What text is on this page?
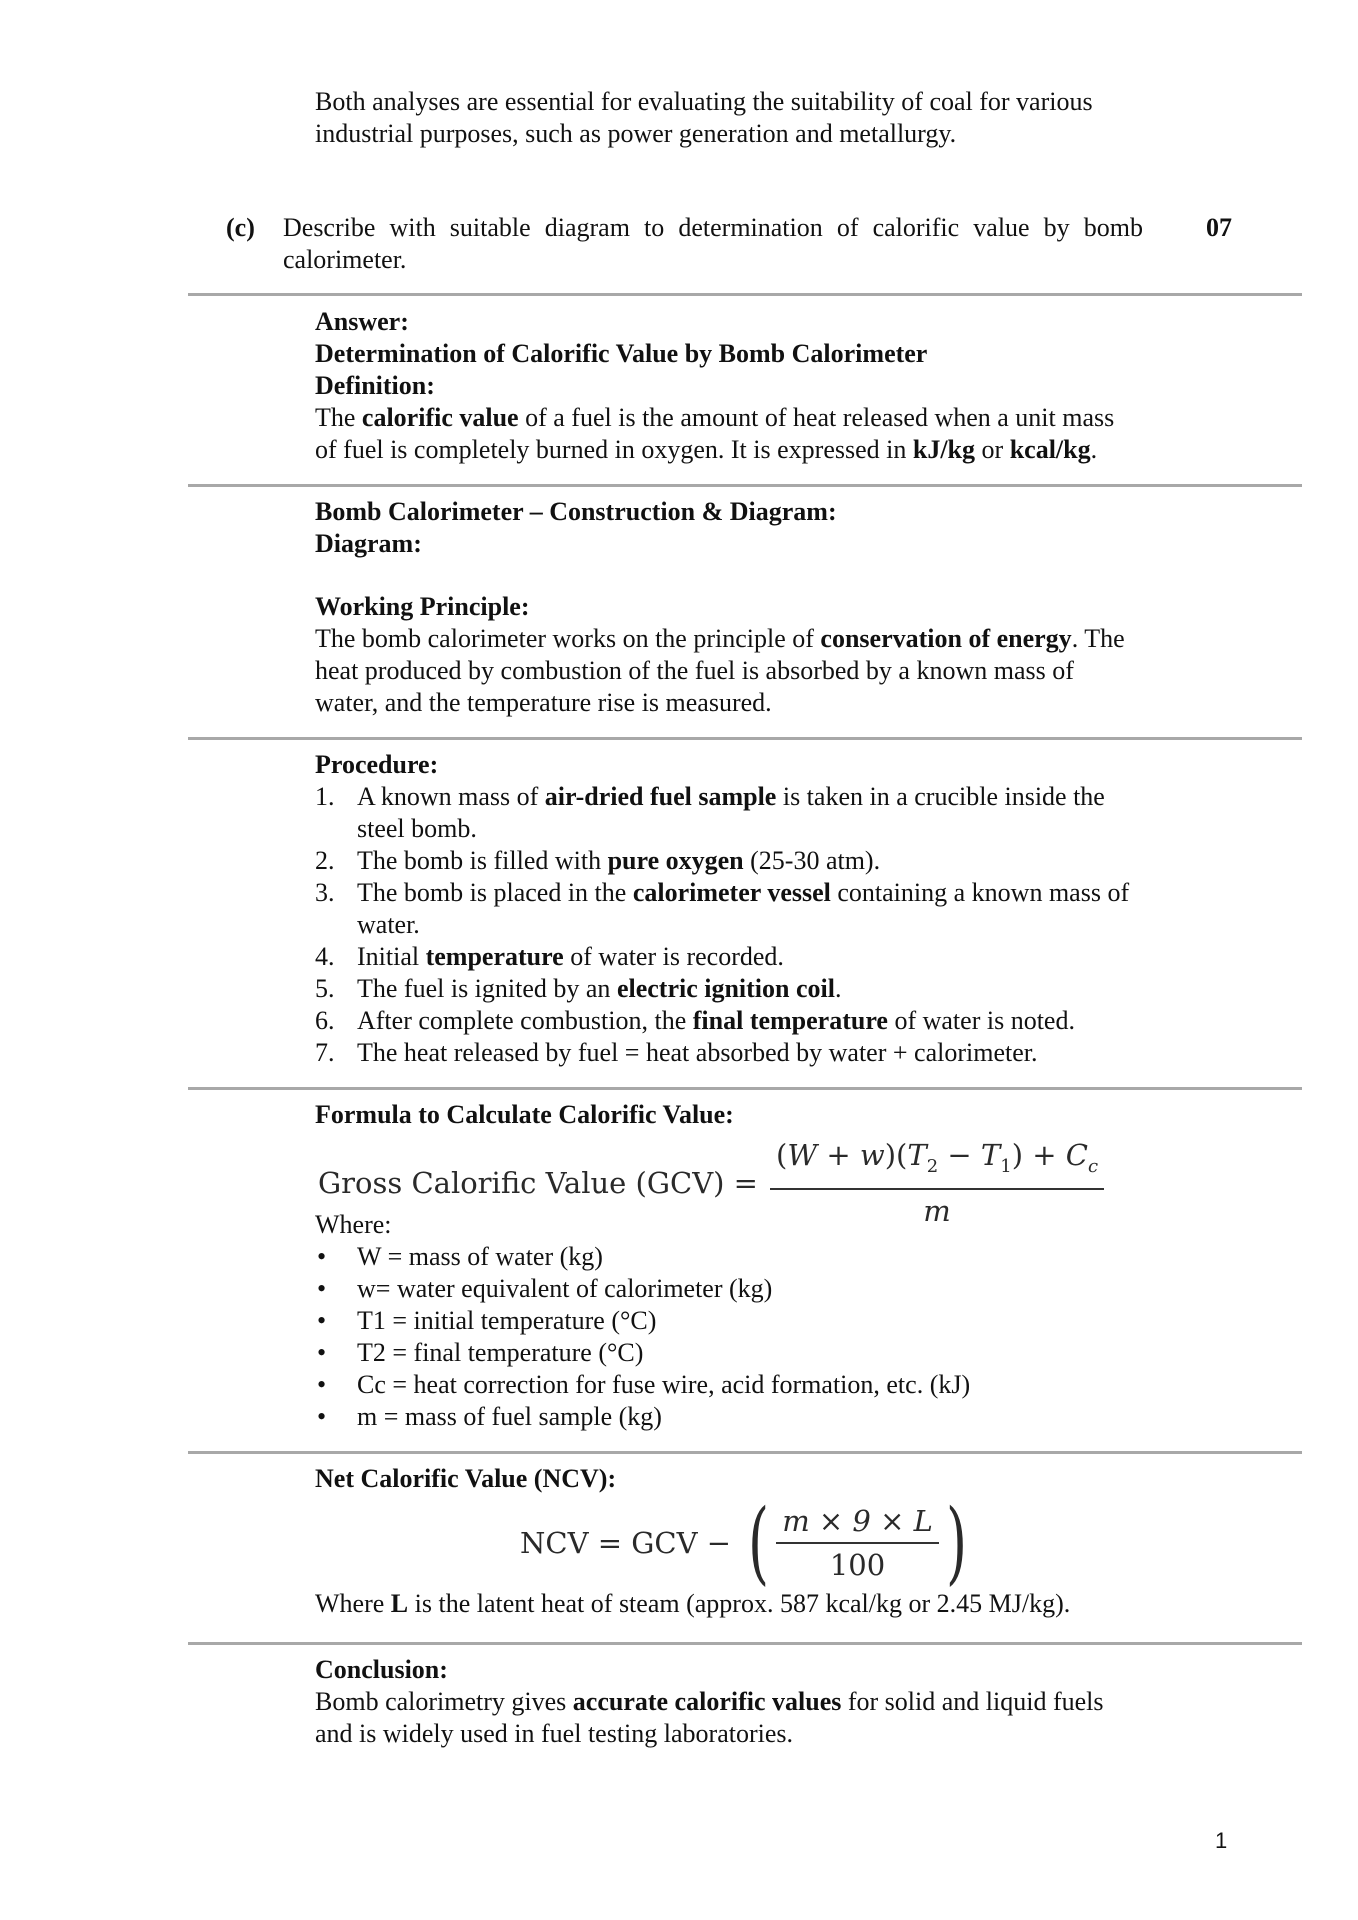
Both analyses are essential for evaluating the suitability of coal for various

industrial purposes, such as power generation and metallurgy.

(c) Describe with suitable diagram to determination of calorific value by bomb

calorimeter.

07

Answer:

Determination of Calorific Value by Bomb Calorimeter

Definition:

The calorific value of a fuel is the amount of heat released when a unit mass

of fuel is completely burned in oxygen. It is expressed in kJ/kg or kcal/kg.

Bomb Calorimeter – Construction & Diagram:

Diagram:

Working Principle:

The bomb calorimeter works on the principle of conservation of energy. The

heat produced by combustion of the fuel is absorbed by a known mass of

water, and the temperature rise is measured.

Procedure:

1. A known mass of air-dried fuel sample is taken in a crucible inside the
steel bomb.
2. The bomb is filled with pure oxygen (25-30 atm).
3. The bomb is placed in the calorimeter vessel containing a known mass of
water.
4. Initial temperature of water is recorded.
5. The fuel is ignited by an electric ignition coil.
6. After complete combustion, the final temperature of water is noted.
7. The heat released by fuel = heat absorbed by water + calorimeter.

Formula to Calculate Calorific Value:

Gross Calorific Value $(GCV) = \frac{(W + w)(T_2 - T_1) + C_c}{m}$

Where:

• W = mass of water (kg)
• w= water equivalent of calorimeter (kg)
• T1 = initial temperature (°C)
• T2 = final temperature (°C)
• Cc = heat correction for fuse wire, acid formation, etc. (kJ)
• m = mass of fuel sample (kg)

Net Calorific Value (NCV):

NCV = GCV − ( $\frac{m \times 9 \times L}{100}$ )

Where L is the latent heat of steam (approx. 587 kcal/kg or 2.45 MJ/kg).

Conclusion:

Bomb calorimetry gives accurate calorific values for solid and liquid fuels

and is widely used in fuel testing laboratories.

1
